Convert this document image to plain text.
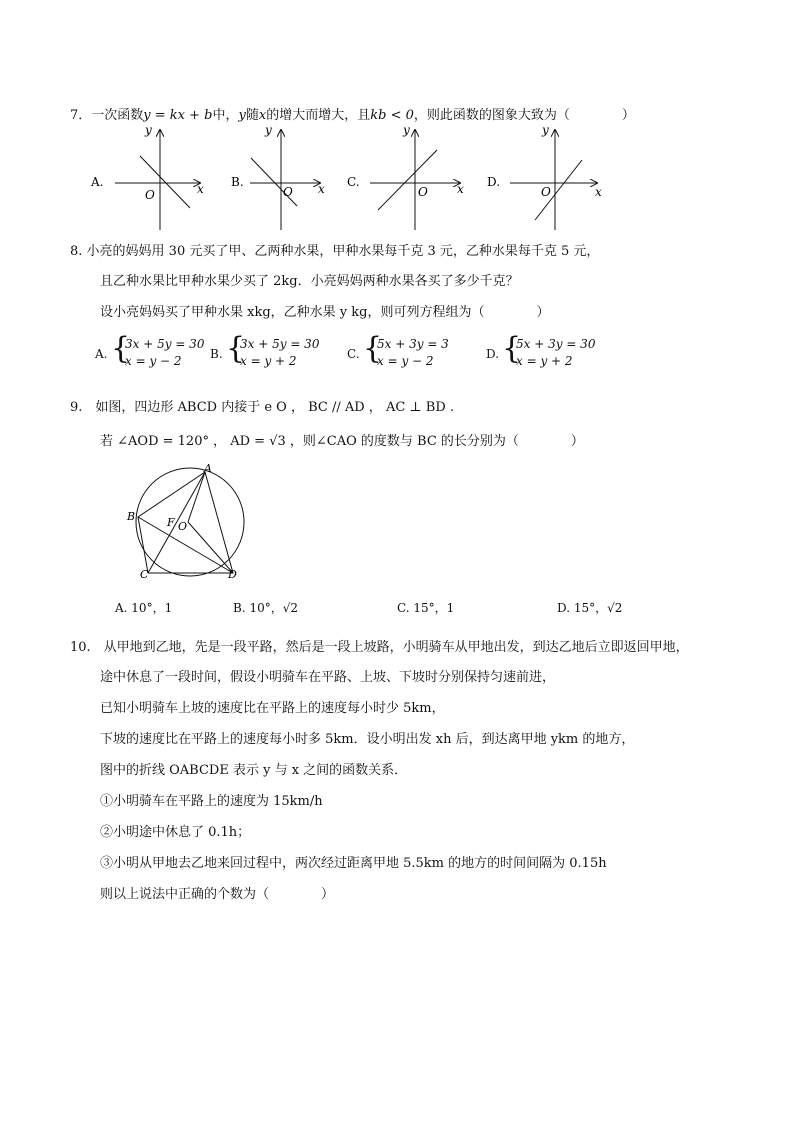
7．一次函数y = kx + b中，y随x的增大而增大，且kb < 0，则此函数的图象大致为（　　　　）
A.
y
x
O
B.
y
x
O
C.
y
x
O
D.
y
x
O
8. 小亮的妈妈用 30 元买了甲、乙两种水果，甲种水果每千克 3 元，乙种水果每千克 5 元，
且乙种水果比甲种水果少买了 2kg．小亮妈妈两种水果各买了多少千克？
设小亮妈妈买了甲种水果 xkg，乙种水果 y kg，则可列方程组为（　　　　）
A. {
3x + 5y = 30
x = y − 2 B. {
3x + 5y = 30
x = y + 2	C. {
5x + 3y = 3
x = y − 2	D. {
5x + 3y = 30
x = y + 2
9.　如图，四边形 ABCD 内接于 e O ， BC // AD ， AC ⊥ BD .
若 ∠AOD = 120° ， AD = √3 ，则∠CAO 的度数与 BC 的长分别为（　　　　）
A
B
C	D
F O
A. 10°，1	B. 10°，√2	C. 15°，1	D. 15°，√2
10.　从甲地到乙地，先是一段平路，然后是一段上坡路，小明骑车从甲地出发，到达乙地后立即返回甲地，
途中休息了一段时间，假设小明骑车在平路、上坡、下坡时分别保持匀速前进，
已知小明骑车上坡的速度比在平路上的速度每小时少 5km，
下坡的速度比在平路上的速度每小时多 5km．设小明出发 xh 后，到达离甲地 ykm 的地方，
图中的折线 OABCDE 表示 y 与 x 之间的函数关系．
①小明骑车在平路上的速度为 15km/h
②小明途中休息了 0.1h；
③小明从甲地去乙地来回过程中，两次经过距离甲地 5.5km 的地方的时间间隔为 0.15h
则以上说法中正确的个数为（　　　　）
